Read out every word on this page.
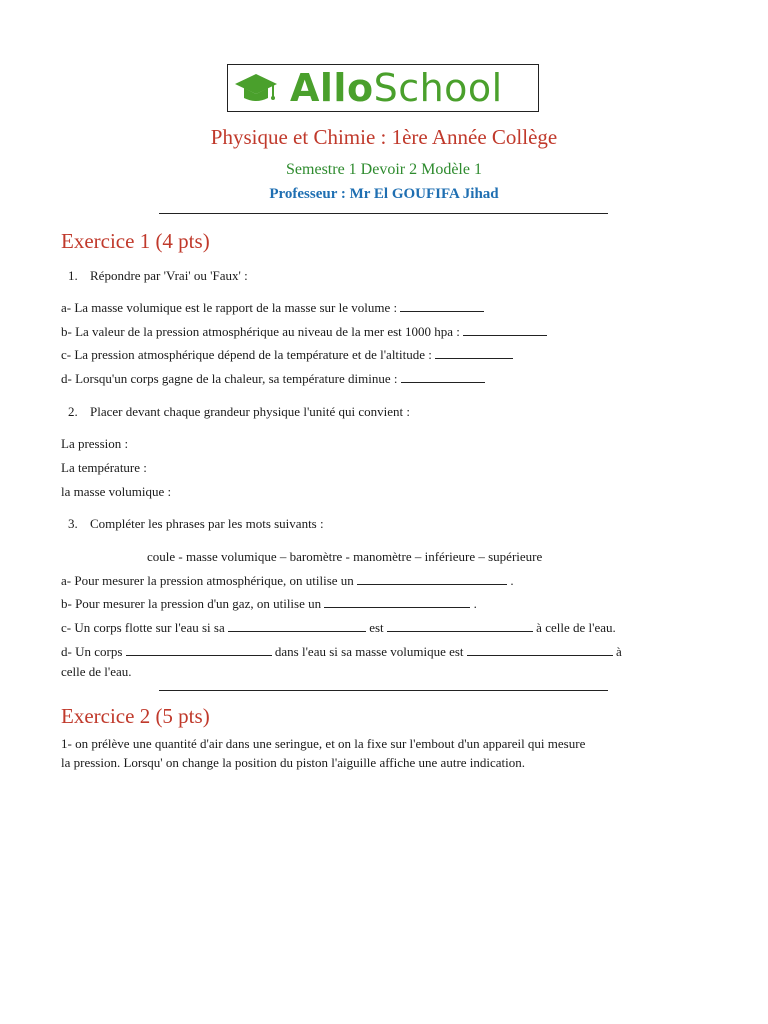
AlloSchool
Physique et Chimie : 1ère Année Collège
Semestre 1 Devoir 2 Modèle 1
Professeur : Mr El GOUFIFA Jihad
Exercice 1 (4 pts)
1. Répondre par 'Vrai' ou 'Faux' :
a- La masse volumique est le rapport de la masse sur le volume :
b- La valeur de la pression atmosphérique au niveau de la mer est 1000 hpa :
c- La pression atmosphérique dépend de la température et de l'altitude :
d- Lorsqu'un corps gagne de la chaleur, sa température diminue :
2. Placer devant chaque grandeur physique l'unité qui convient :
La pression :
La température :
la masse volumique :
3. Compléter les phrases par les mots suivants :
coule - masse volumique – baromètre - manomètre – inférieure – supérieure
a- Pour mesurer la pression atmosphérique, on utilise un	.
b- Pour mesurer la pression d'un gaz, on utilise un	.
c- Un corps flotte sur l'eau si sa	est	à celle de l'eau.
d- Un corps	dans l'eau si sa masse volumique est	à
celle de l'eau.
Exercice 2 (5 pts)
1- on prélève une quantité d'air dans une seringue, et on la fixe sur l'embout d'un appareil qui mesure
la pression. Lorsqu' on change la position du piston l'aiguille affiche une autre indication.
